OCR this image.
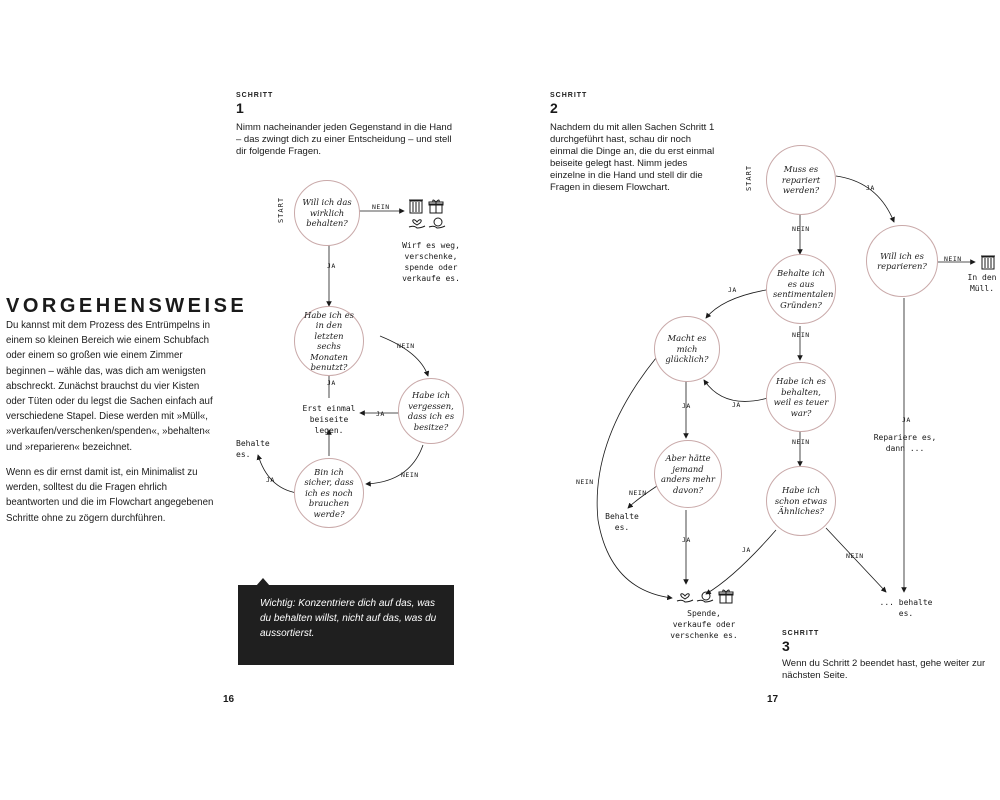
VORGEHENSWEISE
Du kannst mit dem Prozess des Entrümpelns in einem so kleinen Bereich wie einem Schubfach oder einem so großen wie einem Zimmer beginnen – wähle das, was dich am wenigsten abschreckt. Zunächst brauchst du vier Kisten oder Tüten oder du legst die Sachen einfach auf verschiedene Stapel. Diese werden mit »Müll«, »verkaufen/verschenken/spenden«, »behalten« und »reparieren« bezeichnet.
Wenn es dir ernst damit ist, ein Minimalist zu werden, solltest du die Fragen ehrlich beantworten und die im Flowchart angegebenen Schritte ohne zu zögern durchführen.
SCHRITT
1
Nimm nacheinander jeden Gegenstand in die Hand – das zwingt dich zu einer Entscheidung – und stell dir folgende Fragen.
START Will ich das wirklich behalten?
Habe ich es in den letzten sechs Monaten benutzt?
Habe ich vergessen, dass ich es besitze?
Bin ich sicher, dass ich es noch brauchen werde?
NEIN
JA
NEIN
JA
JA
NEIN
JA
Wirf es weg, verschenke, spende oder verkaufe es.
Erst einmal beiseite legen.
Behalte es.
Wichtig: Konzentriere dich auf das, was du behalten willst, nicht auf das, was du aussortierst.
16
SCHRITT
2
Nachdem du mit allen Sachen Schritt 1 durchgeführt hast, schau dir noch einmal die Dinge an, die du erst einmal beiseite gelegt hast. Nimm jedes einzelne in die Hand und stell dir die Fragen in diesem Flowchart.	START	Muss es repariert werden?
Will ich es reparieren?
Behalte ich es aus sentimentalen Gründen?
Macht es mich glücklich?
Habe ich es behalten, weil es teuer war?
Aber hätte jemand anders mehr davon?	Habe ich schon etwas Ähnliches?
JA
NEIN
NEIN
JA
JA
NEIN
JA
NEIN
NEIN
JA
JA
NEIN
JA
NEIN
In den Müll.
Repariere es, dann ...
Behalte es.
... behalte es.
Spende, verkaufe oder verschenke es.	SCHRITT
3
Wenn du Schritt 2 beendet hast, gehe weiter zur nächsten Seite.
17
